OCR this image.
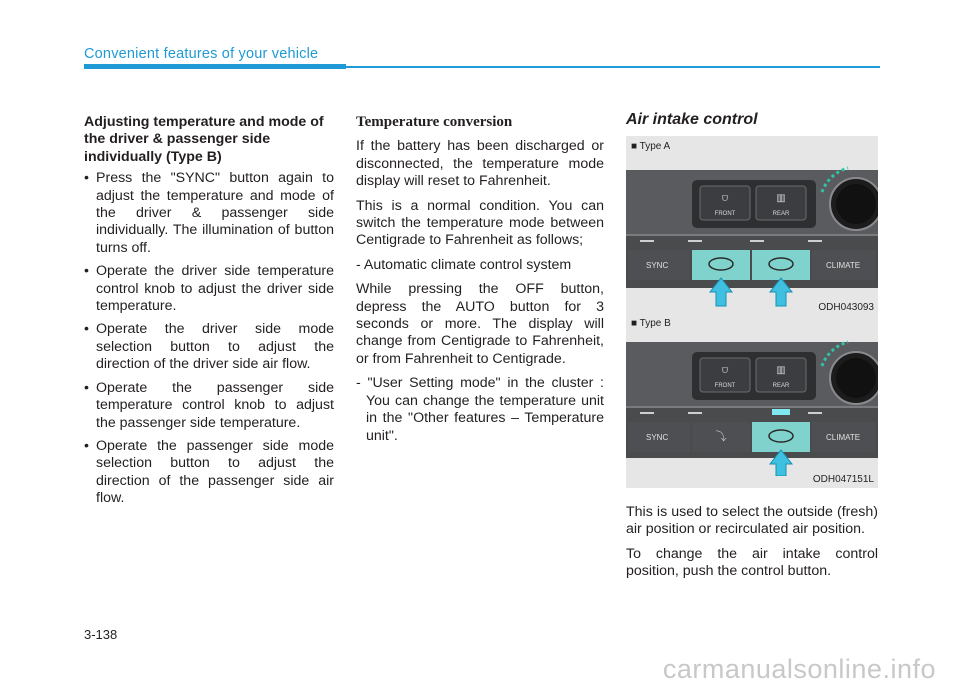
Convenient features of your vehicle

Adjusting temperature and mode of the driver & passenger side individually (Type B)

• Press the "SYNC" button again to adjust the temperature and mode of the driver & passenger side individually. The illumination of button turns off.
• Operate the driver side temperature control knob to adjust the driver side temperature.
• Operate the driver side mode selection button to adjust the direction of the driver side air flow.
• Operate the passenger side temperature control knob to adjust the passenger side temperature.
• Operate the passenger side mode selection button to adjust the direction of the passenger side air flow.

Temperature conversion

If the battery has been discharged or disconnected, the temperature mode display will reset to Fahrenheit.

This is a normal condition. You can switch the temperature mode between Centigrade to Fahrenheit as follows;

- Automatic climate control system

While pressing the OFF button, depress the AUTO button for 3 seconds or more. The display will change from Centigrade to Fahrenheit, or from Fahrenheit to Centigrade.

- "User Setting mode" in the cluster : You can change the temperature unit in the "Other features – Temperature unit".

Air intake control

■ Type A
⩌	▥
FRONT	REAR
SYNC	CLIMATE
ODH043093
■ Type B
⩌	▥
FRONT	REAR
SYNC	CLIMATE
⤵
ODH047151L

This is used to select the outside (fresh) air position or recirculated air position.

To change the air intake control position, push the control button.

3-138
carmanualsonline.info
